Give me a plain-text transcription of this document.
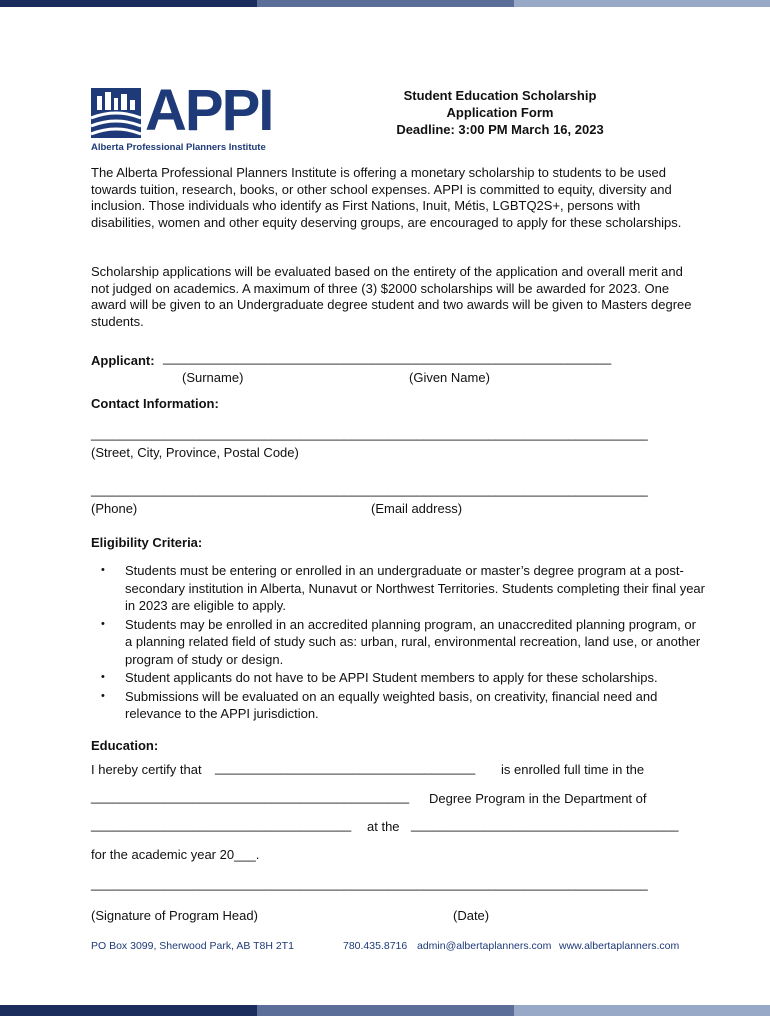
APPI
Alberta Professional Planners Institute
Student Education Scholarship
Application Form
Deadline: 3:00 PM March 16, 2023
The Alberta Professional Planners Institute is offering a monetary scholarship to students to be used towards tuition, research, books, or other school expenses. APPI is committed to equity, diversity and inclusion. Those individuals who identify as First Nations, Inuit, Métis, LGBTQ2S+, persons with disabilities, women and other equity deserving groups, are encouraged to apply for these scholarships.
Scholarship applications will be evaluated based on the entirety of the application and overall merit and not judged on academics. A maximum of three (3) $2000 scholarships will be awarded for 2023. One award will be given to an Undergraduate degree student and two awards will be given to Masters degree students.
Applicant: ______________________________________________________________
(Surname)	(Given Name)
Contact Information:
_____________________________________________________________________________
(Street, City, Province, Postal Code)
_____________________________________________________________________________
(Phone)	(Email address)
Eligibility Criteria:
• Students must be entering or enrolled in an undergraduate or master’s degree program at a post-secondary institution in Alberta, Nunavut or Northwest Territories. Students completing their final year in 2023 are eligible to apply.
• Students may be enrolled in an accredited planning program, an unaccredited planning program, or a planning related field of study such as: urban, rural, environmental recreation, land use, or another program of study or design.
• Student applicants do not have to be APPI Student members to apply for these scholarships.
• Submissions will be evaluated on an equally weighted basis, on creativity, financial need and relevance to the APPI jurisdiction.
Education:
I hereby certify that ____________________________________ is enrolled full time in the
____________________________________________ Degree Program in the Department of
____________________________________ at the _____________________________________
for the academic year 20___.
_____________________________________________________________________________
(Signature of Program Head)	(Date)
PO Box 3099, Sherwood Park, AB T8H 2T1	780.435.8716 admin@albertaplanners.com www.albertaplanners.com
